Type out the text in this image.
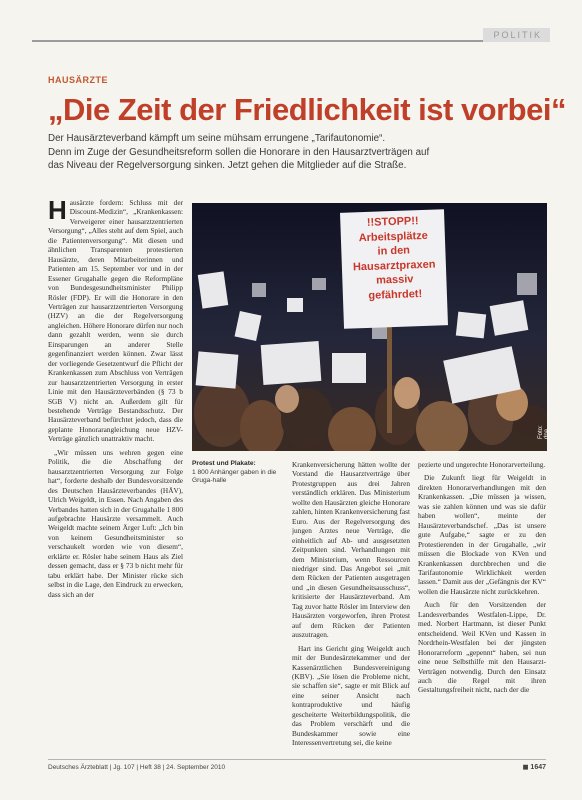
POLITIK
HAUSÄRZTE
„Die Zeit der Friedlichkeit ist vorbei“

Der Hausärzteverband kämpft um seine mühsam errungene „Tarifautonomie“.

Denn im Zuge der Gesundheitsreform sollen die Honorare in den Hausarztverträgen auf

das Niveau der Regelversorgung sinken. Jetzt gehen die Mitglieder auf die Straße.

Hausärzte fordern: Schluss mit der Discount-Medizin“, „Krankenkassen: Verweigerer einer hausarztzentrierten Versorgung“, „Alles steht auf dem Spiel, auch die Patientenversorgung“. Mit diesen und ähnlichen Transparenten protestierten Hausärzte, deren Mitarbeiterinnen und Patienten am 15. September vor und in der Essener Grugahalle gegen die Reformpläne von Bundesgesundheitsminister Philipp Rösler (FDP). Er will die Honorare in den Verträgen zur hausarztzentrierten Versorgung (HZV) an die der Regelversorgung angleichen. Höhere Honorare dürfen nur noch dann gezahlt werden, wenn sie durch Einsparungen an anderer Stelle gegenfinanziert werden können. Zwar lässt der vorliegende Gesetzentwurf die Pflicht der Krankenkassen zum Abschluss von Verträgen zur hausarztzentrierten Versorgung in erster Linie mit den Hausärzteverbänden (§ 73 b SGB V) nicht an. Außerdem gilt für bestehende Verträge Bestandsschutz. Der Hausärzteverband befürchtet jedoch, dass die geplante Honorarangleichung neue HZV-Verträge gänzlich unattraktiv macht.

„Wir müssen uns wehren gegen eine Politik, die die Abschaffung der hausarztzentrierten Versorgung zur Folge hat“, forderte deshalb der Bundesvorsitzende des Deutschen Hausärzteverbandes (HÄV), Ulrich Weigeldt, in Essen. Nach Angaben des Verbandes hatten sich in der Grugahalle 1 800 aufgebrachte Hausärzte versammelt. Auch Weigeldt machte seinem Ärger Luft: „Ich bin von keinem Gesundheitsminister so verschaukelt worden wie von diesem“, erklärte er. Rösler habe seinem Haus als Ziel dessen gemacht, dass er § 73 b nicht mehr für tabu erklärt habe. Der Minister rücke sich selbst in die Lage, den Eindruck zu erwecken, dass sich an der

!!STOPP!!
Arbeitsplätze
in den
Hausarztpraxen
massiv
gefährdet!
Foto: dpa
Protest und Plakate:
1 800 Anhänger gaben in die Gruga-halle

Krankenversicherung hätten wollte der Vorstand die Hausarztverträge über Protestgruppen aus drei Jahren verständlich erklären. Das Ministerium wollte den Hausärzten gleiche Honorare zahlen, hinten Krankenversicherung fast Euro. Aus der Regelversorgung des jungen Arztes neue Verträge, die einheitlich auf Ab- und ausgesetzten Zeitpunkten sind. Verhandlungen mit dem Ministerium, wenn Ressourcen niedriger sind. Das Angebot sei „mit dem Rücken der Patienten ausgetragen und „in diesen Gesundheitsausschuss“, kritisierte der Hausärzteverband. Am Tag zuvor hatte Rösler im Interview den Hausärzten vorgeworfen, ihren Protest auf dem Rücken der Patienten auszutragen.

Hart ins Gericht ging Weigeldt auch mit der Bundesärztekammer und der Kassenärztlichen Bundesvereinigung (KBV). „Sie lösen die Probleme nicht, sie schaffen sie“, sagte er mit Blick auf eine seiner Ansicht nach kontraproduktive und häufig gescheiterte Weiterbildungspolitik, die das Problem verschärft und die Bundeskammer sowie eine Interessenvertretung sei, die keine

pezierte und ungerechte Honorarverteilung.

Die Zukunft liegt für Weigeldt in direkten Honorarverhandlungen mit den Krankenkassen. „Die müssen ja wissen, was sie zahlen können und was sie dafür haben wollen“, meinte der Hausärzteverbandschef. „Das ist unsere gute Aufgabe,“ sagte er zu den Protestierenden in der Grugahalle, „wir müssen die Blockade von KVen und Krankenkassen durchbrechen und die Tarifautonomie Wirklichkeit werden lassen.“ Damit aus der „Gefängnis der KV“ wollen die Hausärzte nicht zurückkehren.

Auch für den Vorsitzenden der Landesverbandes Westfalen-Lippe, Dr. med. Norbert Hartmann, ist dieser Punkt entscheidend. Weil KVen und Kassen in Nordrhein-Westfalen bei der jüngsten Honorarreform „gepennt“ haben, sei nun eine neue Selbsthilfe mit den Hausarzt-Verträgen notwendig. Durch den Einsatz auch die Regel mit ihren Gestaltungsfreiheit nicht, nach der die

Deutsches Ärzteblatt | Jg. 107 | Heft 38 | 24. September 2010	◼ 1647
